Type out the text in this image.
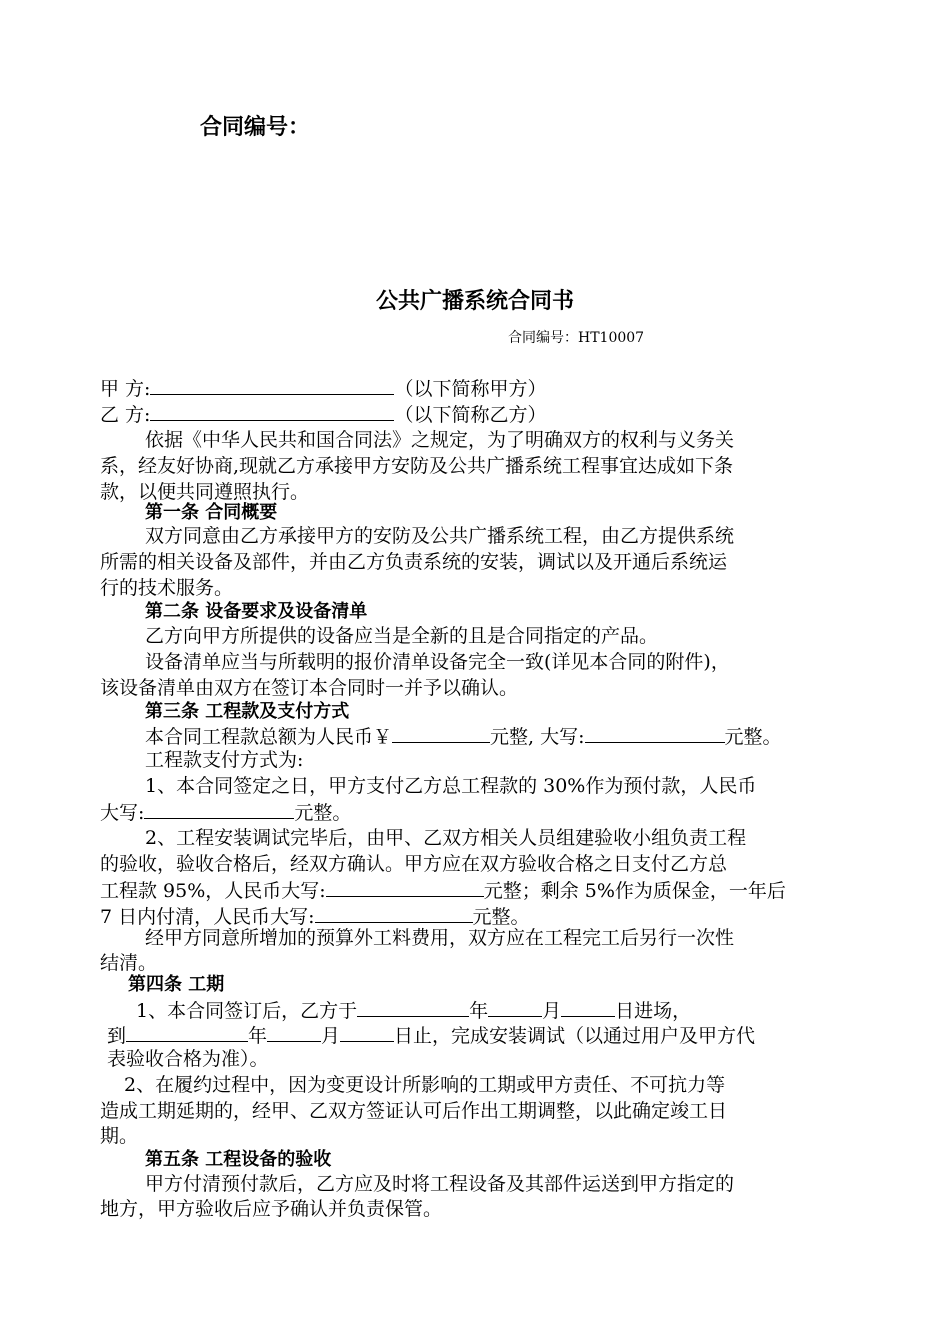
合同编号：
公共广播系统合同书
合同编号：HT10007
甲 方:	（以下简称甲方）
乙 方:	（以下简称乙方）
依据《中华人民共和国合同法》之规定，为了明确双方的权利与义务关
系，经友好协商,现就乙方承接甲方安防及公共广播系统工程事宜达成如下条
款，以便共同遵照执行。
第一条 合同概要
双方同意由乙方承接甲方的安防及公共广播系统工程，由乙方提供系统
所需的相关设备及部件，并由乙方负责系统的安装，调试以及开通后系统运
行的技术服务。
第二条 设备要求及设备清单
乙方向甲方所提供的设备应当是全新的且是合同指定的产品。
设备清单应当与所载明的报价清单设备完全一致(详见本合同的附件)，
该设备清单由双方在签订本合同时一并予以确认。
第三条 工程款及支付方式
本合同工程款总额为人民币￥	元整, 大写:	元整。
工程款支付方式为:
1、本合同签定之日，甲方支付乙方总工程款的 30%作为预付款，人民币
大写:	元整。
2、工程安装调试完毕后，由甲、乙双方相关人员组建验收小组负责工程
的验收，验收合格后，经双方确认。甲方应在双方验收合格之日支付乙方总
工程款 95%，人民币大写:	元整；剩余 5%作为质保金，一年后
7 日内付清，人民币大写:	元整。
经甲方同意所增加的预算外工料费用，双方应在工程完工后另行一次性
结清。
第四条 工期
1、本合同签订后，乙方于	年	月	日进场，
到	年	月	日止，完成安装调试（以通过用户及甲方代
表验收合格为准）。
2、在履约过程中，因为变更设计所影响的工期或甲方责任、不可抗力等
造成工期延期的，经甲、乙双方签证认可后作出工期调整，以此确定竣工日
期。
第五条 工程设备的验收
甲方付清预付款后，乙方应及时将工程设备及其部件运送到甲方指定的
地方，甲方验收后应予确认并负责保管。
